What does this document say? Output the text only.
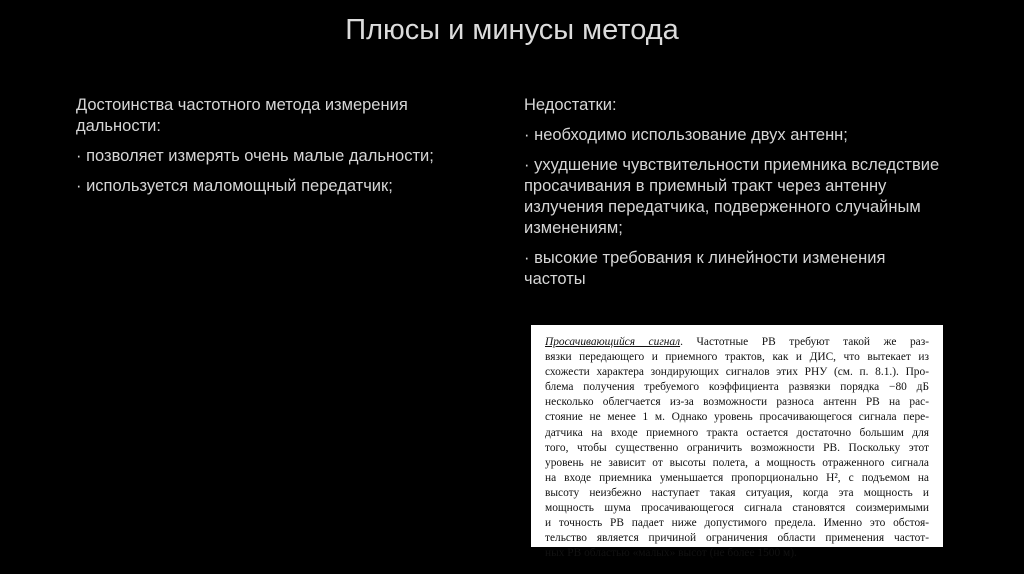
Плюсы и минусы метода

Достоинства частотного метода измерения дальности:

· позволяет измерять очень малые дальности;

· используется маломощный передатчик;

Недостатки:

· необходимо использование двух антенн;

· ухудшение чувствительности приемника вследствие просачивания в приемный тракт через антенну излучения передатчика, подверженного случайным изменениям;

· высокие требования к линейности изменения частоты

Просачивающийся сигнал. Частотные РВ требуют такой же раз-
вязки передающего и приемного трактов, как и ДИС, что вытекает из
схожести характера зондирующих сигналов этих РНУ (см. п. 8.1.). Про-
блема получения требуемого коэффициента развязки порядка −80 дБ
несколько облегчается из-за возможности разноса антенн РВ на рас-
стояние не менее 1 м. Однако уровень просачивающегося сигнала пере-
датчика на входе приемного тракта остается достаточно большим для
того, чтобы существенно ограничить возможности РВ. Поскольку этот
уровень не зависит от высоты полета, а мощность отраженного сигнала
на входе приемника уменьшается пропорционально H², с подъемом на
высоту неизбежно наступает такая ситуация, когда эта мощность и
мощность шума просачивающегося сигнала становятся соизмеримыми
и точность РВ падает ниже допустимого предела. Именно это обстоя-
тельство является причиной ограничения области применения частот-
ных РВ областью «малых» высот (не более 1500 м).
